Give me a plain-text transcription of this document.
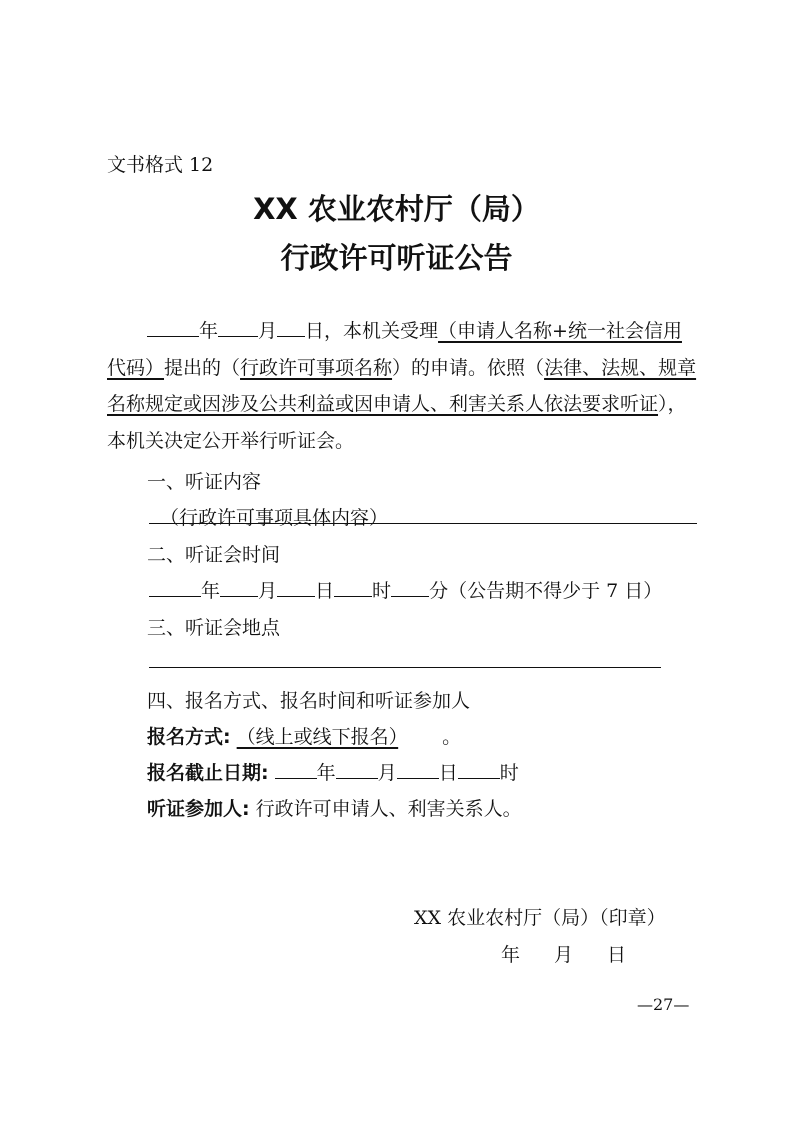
文书格式 12
XX 农业农村厅（局）
行政许可听证公告
年 月 日，本机关受理（申请人名称+统一社会信用代码）提出的（行政许可事项名称）的申请。依照（法律、法规、规章名称规定或因涉及公共利益或因申请人、利害关系人依法要求听证），本机关决定公开举行听证会。
一、听证内容
（行政许可事项具体内容）
二、听证会时间
年 月 日 时 分（公告期不得少于 7 日）
三、听证会地点
四、报名方式、报名时间和听证参加人
报名方式: （线上或线下报名） 。
报名截止日期:	年 月 日 时
听证参加人: 行政许可申请人、利害关系人。
XX 农业农村厅（局）（印章）
年 月 日
—27—
